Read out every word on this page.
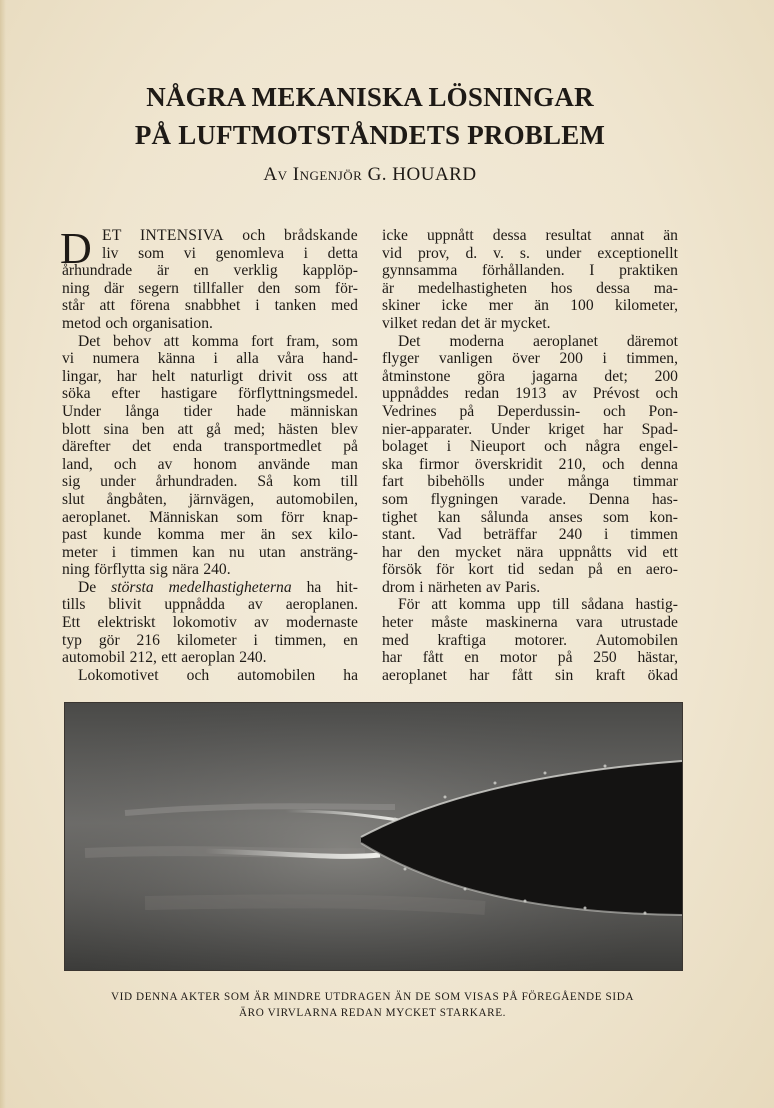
NÅGRA MEKANISKA LÖSNINGAR
PÅ LUFTMOTSTÅNDETS PROBLEM
Av Ingenjör G. HOUARD
D ET INTENSIVA och brådskande
liv som vi genomleva i detta
århundrade är en verklig kapplöp-
ning där segern tillfaller den som för-
står att förena snabbhet i tanken med
metod och organisation.
Det behov att komma fort fram, som
vi numera känna i alla våra hand-
lingar, har helt naturligt drivit oss att
söka efter hastigare förflyttningsmedel.
Under långa tider hade människan
blott sina ben att gå med; hästen blev
därefter det enda transportmedlet på
land, och av honom använde man
sig under århundraden. Så kom till
slut ångbåten, järnvägen, automobilen,
aeroplanet. Människan som förr knap-
past kunde komma mer än sex kilo-
meter i timmen kan nu utan ansträng-
ning förflytta sig nära 240.
De största medelhastigheterna ha hit-
tills blivit uppnådda av aeroplanen.
Ett elektriskt lokomotiv av modernaste
typ gör 216 kilometer i timmen, en
automobil 212, ett aeroplan 240.
Lokomotivet och automobilen ha
icke uppnått dessa resultat annat än
vid prov, d. v. s. under exceptionellt
gynnsamma förhållanden. I praktiken
är medelhastigheten hos dessa ma-
skiner icke mer än 100 kilometer,
vilket redan det är mycket.
Det moderna aeroplanet däremot
flyger vanligen över 200 i timmen,
åtminstone göra jagarna det; 200
uppnåddes redan 1913 av Prévost och
Vedrines på Deperdussin- och Pon-
nier-apparater. Under kriget har Spad-
bolaget i Nieuport och några engel-
ska firmor överskridit 210, och denna
fart bibehölls under många timmar
som flygningen varade. Denna has-
tighet kan sålunda anses som kon-
stant. Vad beträffar 240 i timmen
har den mycket nära uppnåtts vid ett
försök för kort tid sedan på en aero-
drom i närheten av Paris.
För att komma upp till sådana hastig-
heter måste maskinerna vara utrustade
med kraftiga motorer. Automobilen
har fått en motor på 250 hästar,
aeroplanet har fått sin kraft ökad
VID DENNA AKTER SOM ÄR MINDRE UTDRAGEN ÄN DE SOM VISAS PÅ FÖREGÅENDE SIDA
ÄRO VIRVLARNA REDAN MYCKET STARKARE.
